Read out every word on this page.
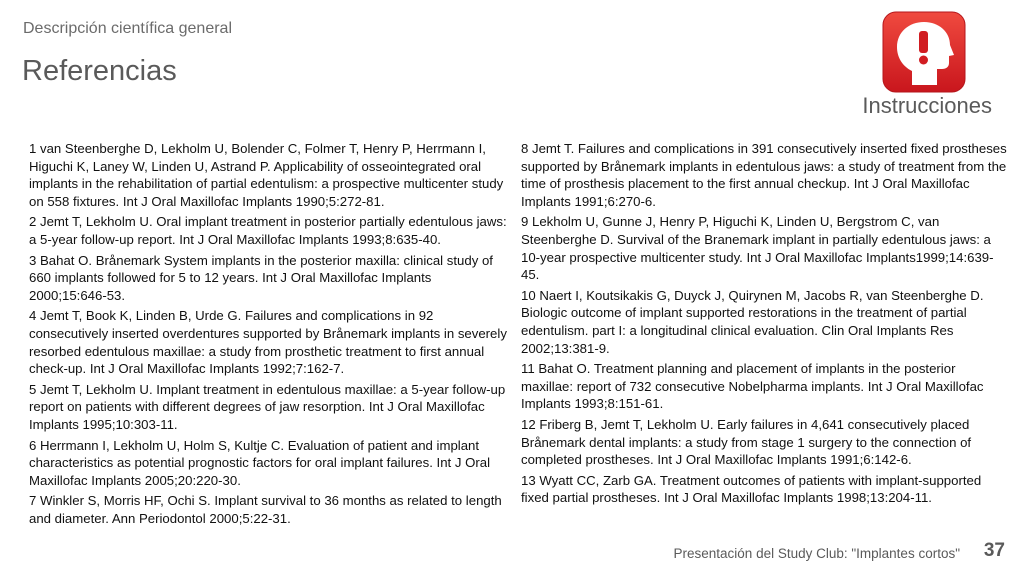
Descripción científica general
Referencias
Instrucciones
1 van Steenberghe D, Lekholm U, Bolender C, Folmer T, Henry P, Herrmann I, Higuchi K, Laney W, Linden U, Astrand P. Applicability of osseointegrated oral implants in the rehabilitation of partial edentulism: a prospective multicenter study on 558 fixtures. Int J Oral Maxillofac Implants 1990;5:272-81.
2 Jemt T, Lekholm U. Oral implant treatment in posterior partially edentulous jaws: a 5-year follow-up report. Int J Oral Maxillofac Implants 1993;8:635-40.
3 Bahat O. Brånemark System implants in the posterior maxilla: clinical study of 660 implants followed for 5 to 12 years. Int J Oral Maxillofac Implants 2000;15:646-53.
4 Jemt T, Book K, Linden B, Urde G. Failures and complications in 92 consecutively inserted overdentures supported by Brånemark implants in severely resorbed edentulous maxillae: a study from prosthetic treatment to first annual check-up. Int J Oral Maxillofac Implants 1992;7:162-7.
5 Jemt T, Lekholm U. Implant treatment in edentulous maxillae: a 5-year follow-up report on patients with different degrees of jaw resorption. Int J Oral Maxillofac Implants 1995;10:303-11.
6 Herrmann I, Lekholm U, Holm S, Kultje C. Evaluation of patient and implant characteristics as potential prognostic factors for oral implant failures. Int J Oral Maxillofac Implants 2005;20:220-30.
7 Winkler S, Morris HF, Ochi S. Implant survival to 36 months as related to length and diameter. Ann Periodontol 2000;5:22-31.
8 Jemt T. Failures and complications in 391 consecutively inserted fixed prostheses supported by Brånemark implants in edentulous jaws: a study of treatment from the time of prosthesis placement to the first annual checkup. Int J Oral Maxillofac Implants 1991;6:270-6.
9 Lekholm U, Gunne J, Henry P, Higuchi K, Linden U, Bergstrom C, van Steenberghe D. Survival of the Branemark implant in partially edentulous jaws: a 10-year prospective multicenter study. Int J Oral Maxillofac Implants1999;14:639-45.
10 Naert I, Koutsikakis G, Duyck J, Quirynen M, Jacobs R, van Steenberghe D. Biologic outcome of implant supported restorations in the treatment of partial edentulism. part I: a longitudinal clinical evaluation. Clin Oral Implants Res 2002;13:381-9.
11 Bahat O. Treatment planning and placement of implants in the posterior maxillae: report of 732 consecutive Nobelpharma implants. Int J Oral Maxillofac Implants 1993;8:151-61.
12 Friberg B, Jemt T, Lekholm U. Early failures in 4,641 consecutively placed Brånemark dental implants: a study from stage 1 surgery to the connection of completed prostheses. Int J Oral Maxillofac Implants 1991;6:142-6.
13 Wyatt CC, Zarb GA. Treatment outcomes of patients with implant-supported fixed partial prostheses. Int J Oral Maxillofac Implants 1998;13:204-11.
Presentación del Study Club: "Implantes cortos" 37
